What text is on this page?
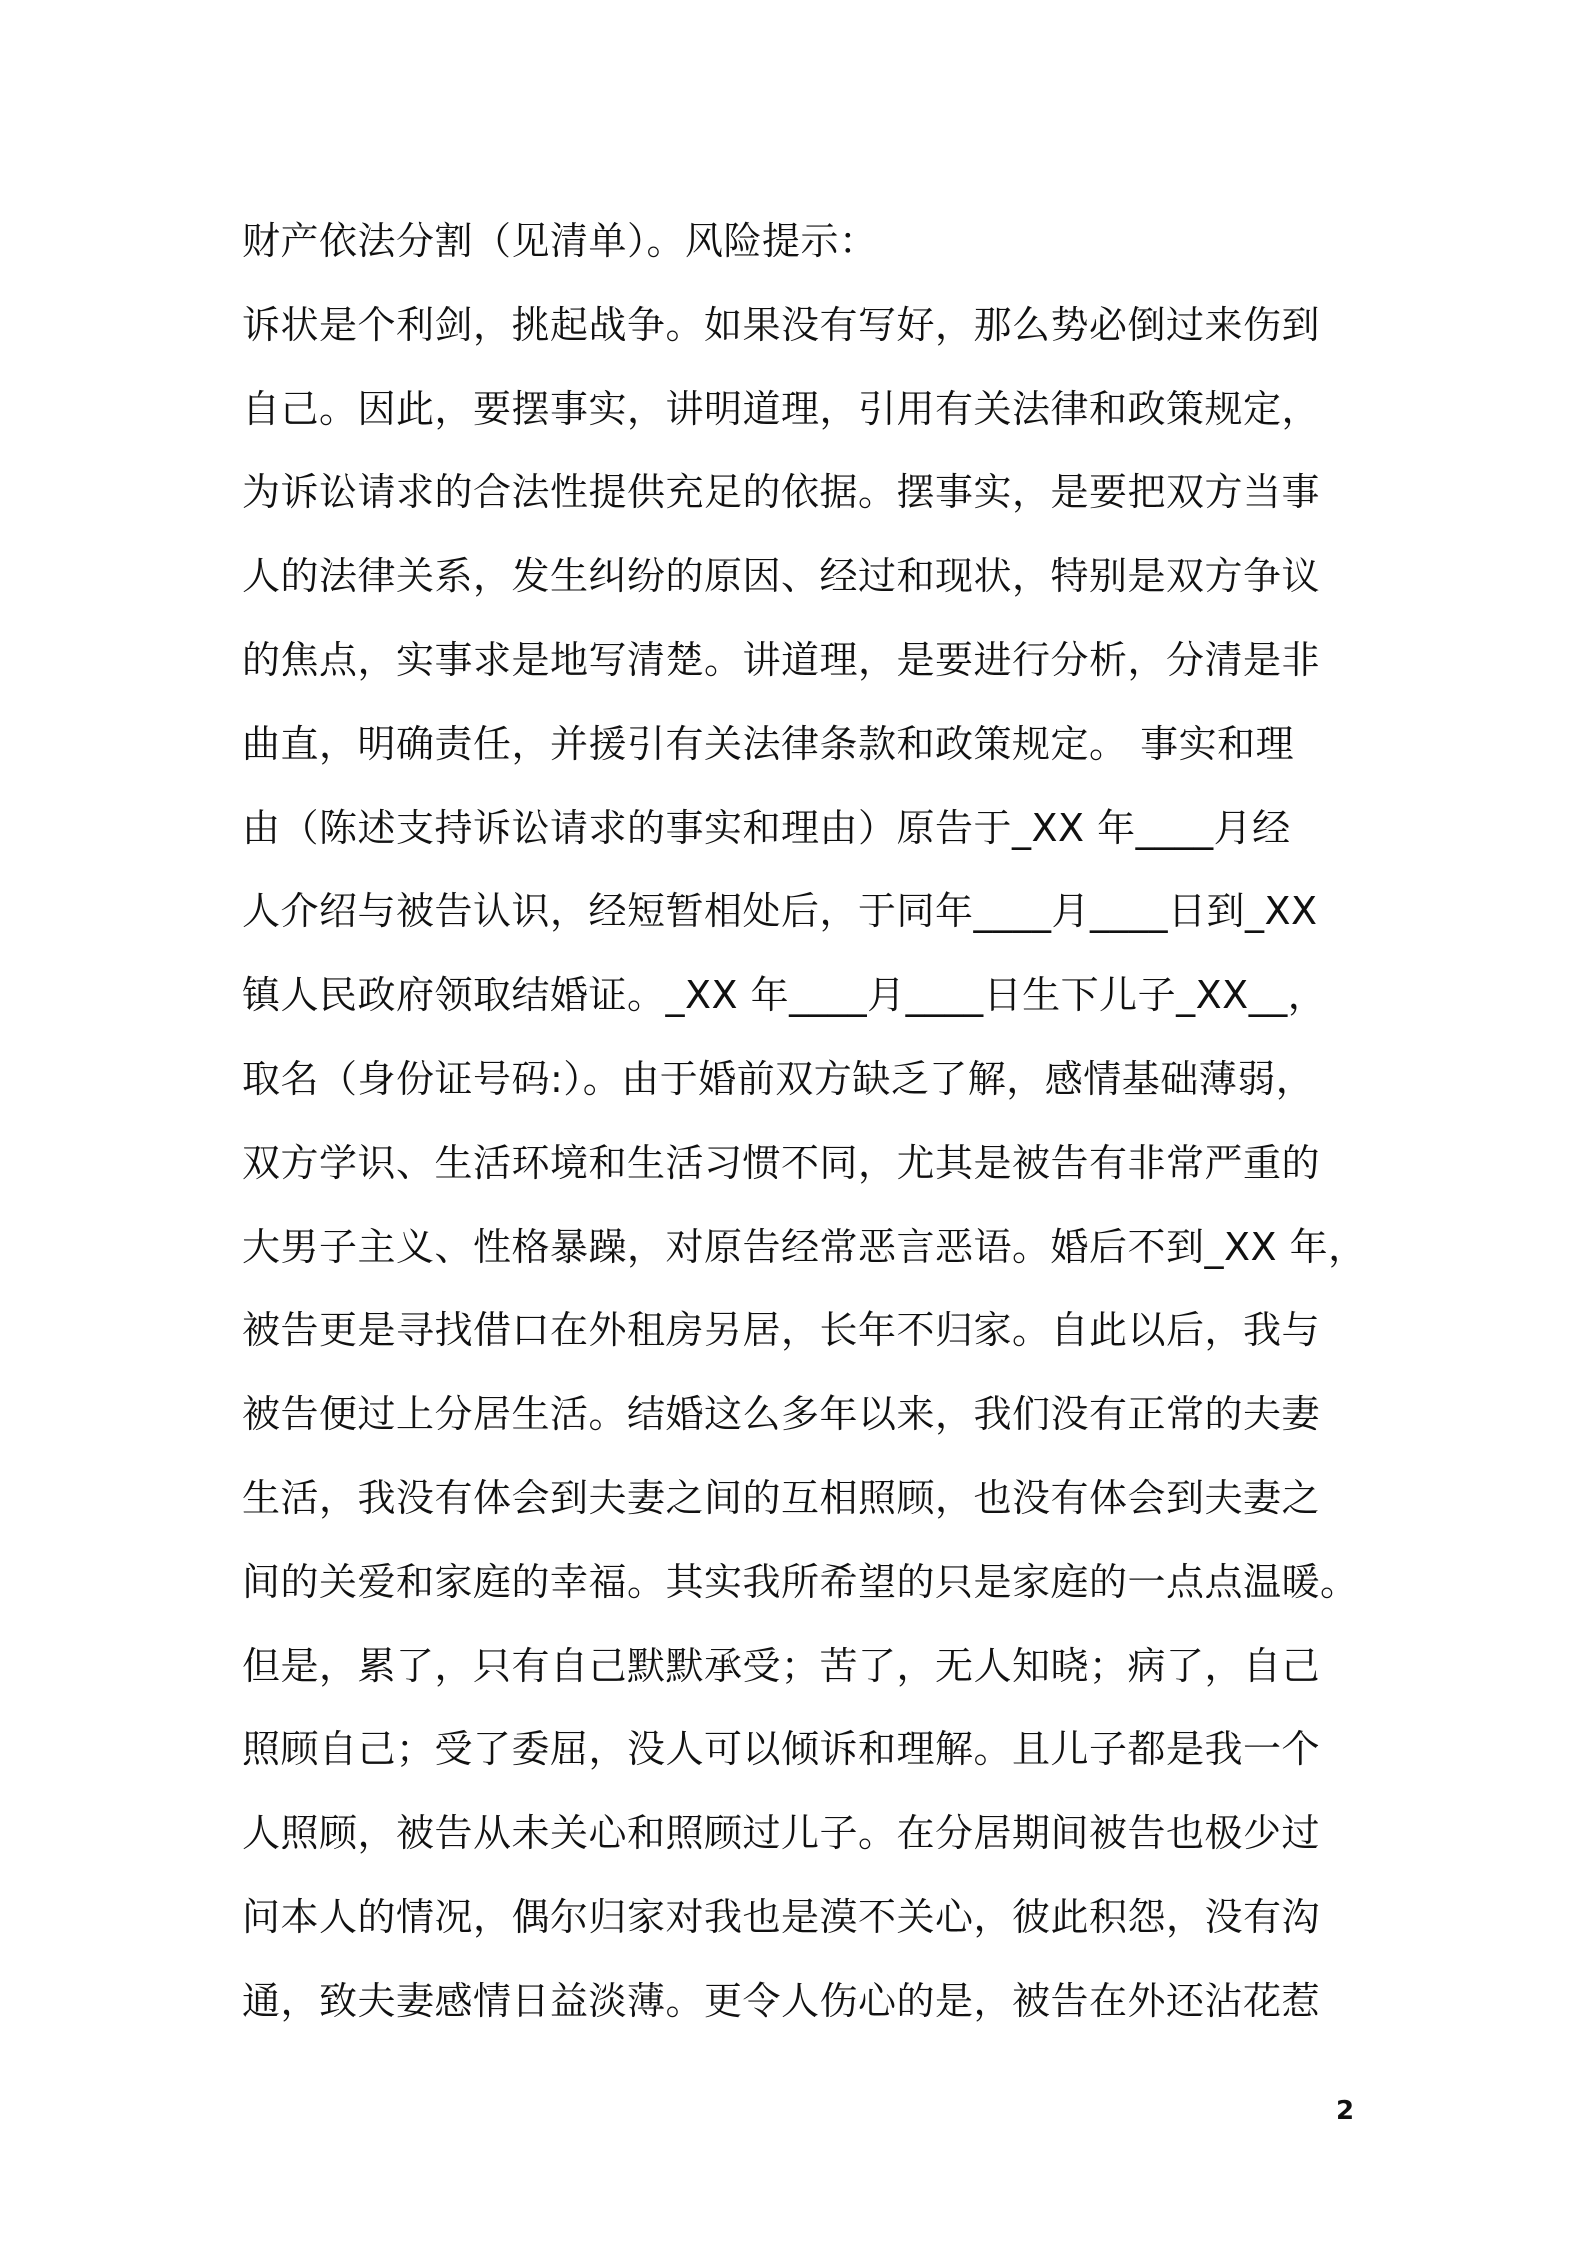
财产依法分割（见清单）。风险提示：
诉状是个利剑，挑起战争。如果没有写好，那么势必倒过来伤到
自己。因此，要摆事实，讲明道理，引用有关法律和政策规定，
为诉讼请求的合法性提供充足的依据。摆事实，是要把双方当事
人的法律关系，发生纠纷的原因、经过和现状，特别是双方争议
的焦点，实事求是地写清楚。讲道理，是要进行分析，分清是非
曲直，明确责任，并援引有关法律条款和政策规定。 事实和理
由（陈述支持诉讼请求的事实和理由）原告于_XX 年____月经
人介绍与被告认识，经短暂相处后，于同年____月____日到_XX
镇人民政府领取结婚证。_XX 年____月____日生下儿子_XX__，
取名（身份证号码:）。由于婚前双方缺乏了解，感情基础薄弱，
双方学识、生活环境和生活习惯不同，尤其是被告有非常严重的
大男子主义、性格暴躁，对原告经常恶言恶语。婚后不到_XX 年，
被告更是寻找借口在外租房另居，长年不归家。自此以后，我与
被告便过上分居生活。结婚这么多年以来，我们没有正常的夫妻
生活，我没有体会到夫妻之间的互相照顾，也没有体会到夫妻之
间的关爱和家庭的幸福。其实我所希望的只是家庭的一点点温暖。
但是，累了，只有自己默默承受；苦了，无人知晓；病了，自己
照顾自己；受了委屈，没人可以倾诉和理解。且儿子都是我一个
人照顾，被告从未关心和照顾过儿子。在分居期间被告也极少过
问本人的情况，偶尔归家对我也是漠不关心，彼此积怨，没有沟
通，致夫妻感情日益淡薄。更令人伤心的是，被告在外还沾花惹
2
